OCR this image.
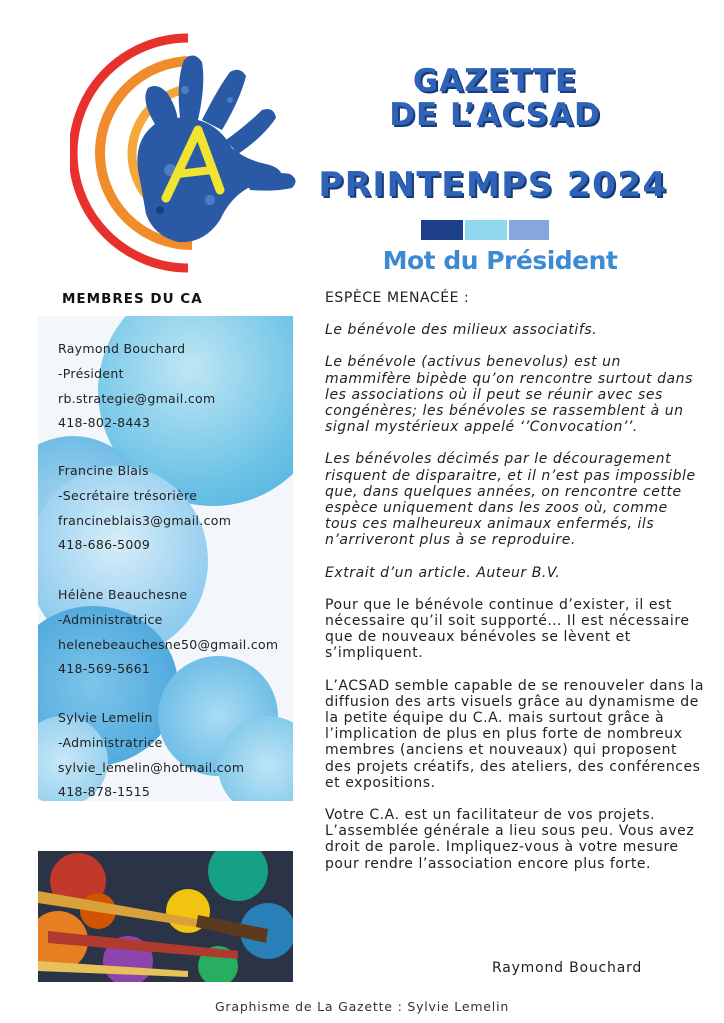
GAZETTE
DE L’ACSAD
PRINTEMPS 2024
Mot du Président
MEMBRES DU CA
Raymond Bouchard
-Président
rb.strategie@gmail.com
418-802-8443
Francine Blais
-Secrétaire trésorière
francineblais3@gmail.com
418-686-5009
Hélène Beauchesne
-Administratrice
helenebeauchesne50@gmail.com
418-569-5661
Sylvie Lemelin
-Administratrice
sylvie_lemelin@hotmail.com
418-878-1515

ESPÈCE MENACÉE :

Le bénévole des milieux associatifs.

Le bénévole (activus benevolus) est un mammifère bipède qu’on rencontre surtout dans les associations où il peut se réunir avec ses congénères; les bénévoles se rassemblent à un signal mystérieux appelé ‘’Convocation’’.

Les bénévoles décimés par le découragement risquent de disparaitre, et il n’est pas impossible que, dans quelques années, on rencontre cette espèce uniquement dans les zoos où, comme tous ces malheureux animaux enfermés, ils n’arriveront plus à se reproduire.

Extrait d’un article. Auteur B.V.

Pour que le bénévole continue d’exister, il est nécessaire qu’il soit supporté… Il est nécessaire que de nouveaux bénévoles se lèvent et s’impliquent.

L’ACSAD semble capable de se renouveler dans la diffusion des arts visuels grâce au dynamisme de la petite équipe du C.A. mais surtout grâce à l’implication de plus en plus forte de nombreux membres (anciens et nouveaux) qui proposent des projets créatifs, des ateliers, des conférences et expositions.

Votre C.A. est un facilitateur de vos projets. L’assemblée générale a lieu sous peu. Vous avez droit de parole. Impliquez-vous à votre mesure pour rendre l’association encore plus forte.

Raymond Bouchard
Graphisme de La Gazette : Sylvie Lemelin
